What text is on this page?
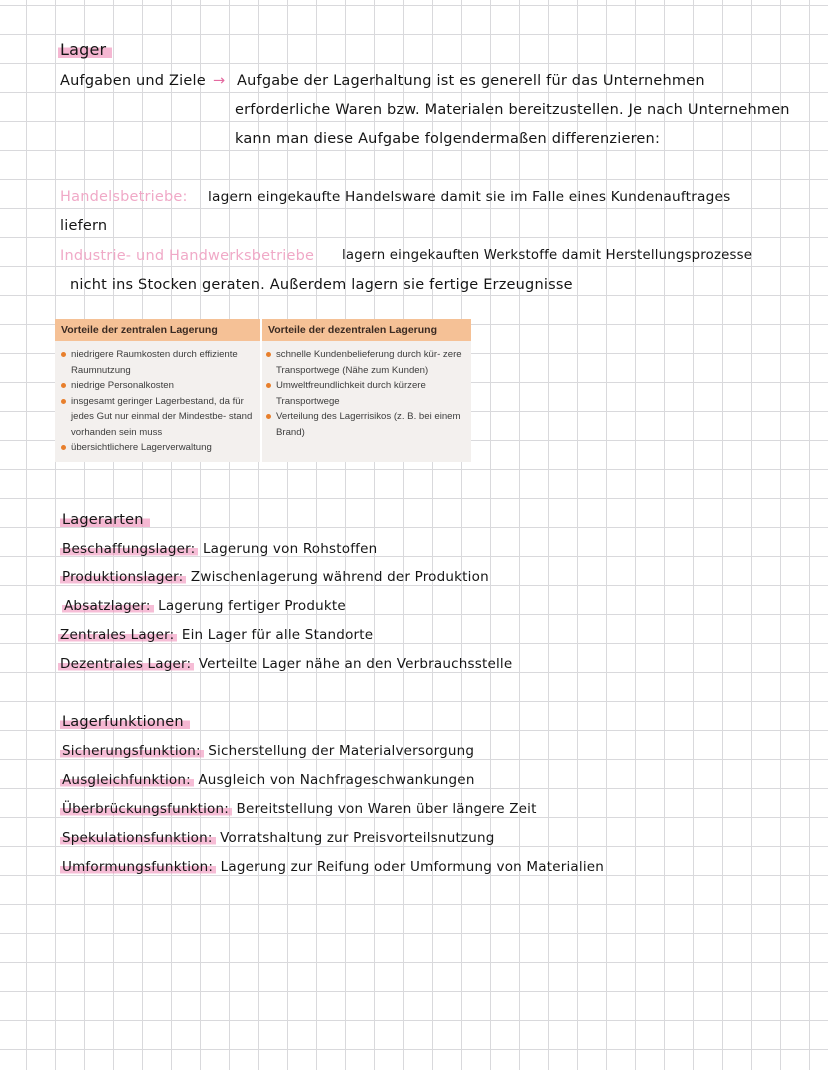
Lager
Aufgaben und Ziele → Aufgabe der Lagerhaltung ist es generell für das Unternehmen
erforderliche Waren bzw. Materialen bereitzustellen. Je nach Unternehmen
kann man diese Aufgabe folgendermaßen differenzieren:
Handelsbetriebe: lagern eingekaufte Handelsware damit sie im Falle eines Kundenauftrages
liefern
Industrie- und Handwerksbetriebe lagern eingekauften Werkstoffe damit Herstellungsprozesse
nicht ins Stocken geraten. Außerdem lagern sie fertige Erzeugnisse
Vorteile der zentralen Lagerung	Vorteile der dezentralen Lagerung
niedrigere Raumkosten durch effiziente Raumnutzung
niedrige Personalkosten
insgesamt geringer Lagerbestand, da für jedes Gut nur einmal der Mindestbe- stand vorhanden sein muss
übersichtlichere Lagerverwaltung
schnelle Kundenbelieferung durch kür- zere Transportwege (Nähe zum Kunden)
Umweltfreundlichkeit durch kürzere Transportwege
Verteilung des Lagerrisikos (z. B. bei einem Brand)
Lagerarten
Beschaffungslager: Lagerung von Rohstoffen
Produktionslager: Zwischenlagerung während der Produktion
Absatzlager: Lagerung fertiger Produkte
Zentrales Lager: Ein Lager für alle Standorte
Dezentrales Lager: Verteilte Lager nähe an den Verbrauchsstelle
Lagerfunktionen
Sicherungsfunktion: Sicherstellung der Materialversorgung
Ausgleichfunktion: Ausgleich von Nachfrageschwankungen
Überbrückungsfunktion: Bereitstellung von Waren über längere Zeit
Spekulationsfunktion: Vorratshaltung zur Preisvorteilsnutzung
Umformungsfunktion: Lagerung zur Reifung oder Umformung von Materialien
